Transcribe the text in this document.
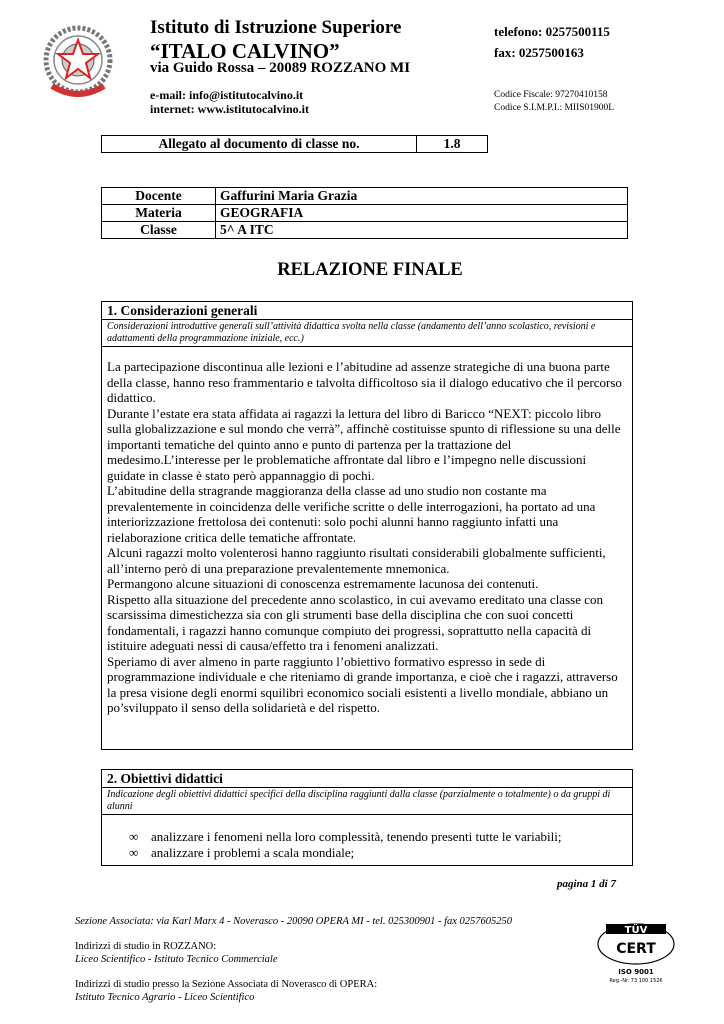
Istituto di Istruzione Superiore
“ITALO CALVINO”
via Guido Rossa – 20089 ROZZANO MI
telefono: 0257500115
fax: 0257500163
e-mail: info@istitutocalvino.it
internet: www.istitutocalvino.it
Codice Fiscale: 97270410158
Codice S.I.M.P.I.: MIIS01900L
Allegato al documento di classe no.	1.8
Docente	Gaffurini Maria Grazia
Materia	GEOGRAFIA
Classe	5^ A ITC
RELAZIONE FINALE
1. Considerazioni generali
Considerazioni introduttive generali sull’attività didattica svolta nella classe (andamento dell’anno scolastico, revisioni e adattamenti della programmazione iniziale, ecc.)

La partecipazione discontinua alle lezioni e l’abitudine ad assenze strategiche di una buona parte della classe, hanno reso frammentario e talvolta difficoltoso sia il dialogo educativo che il percorso didattico.

Durante l’estate era stata affidata ai ragazzi la lettura del libro di Baricco “NEXT: piccolo libro sulla globalizzazione e sul mondo che verrà”, affinchè costituisse spunto di riflessione su una delle importanti tematiche del quinto anno e punto di partenza per la trattazione del medesimo.L’interesse per le problematiche affrontate dal libro e l’impegno nelle discussioni guidate in classe è stato però appannaggio di pochi.

L’abitudine della stragrande maggioranza della classe ad uno studio non costante ma prevalentemente in coincidenza delle verifiche scritte o delle interrogazioni, ha portato ad una interiorizzazione frettolosa dei contenuti: solo pochi alunni hanno raggiunto infatti una rielaborazione critica delle tematiche affrontate.

Alcuni ragazzi molto volenterosi hanno raggiunto risultati considerabili globalmente sufficienti, all’interno però di una preparazione prevalentemente mnemonica.

Permangono alcune situazioni di conoscenza estremamente lacunosa dei contenuti.

Rispetto alla situazione del precedente anno scolastico, in cui avevamo ereditato una classe con scarsissima dimestichezza sia con gli strumenti base della disciplina che con suoi concetti fondamentali, i ragazzi hanno comunque compiuto dei progressi, soprattutto nella capacità di istituire adeguati nessi di causa/effetto tra i fenomeni analizzati.

Speriamo di aver almeno in parte raggiunto l’obiettivo formativo espresso in sede di programmazione individuale e che riteniamo di grande importanza, e cioè che i ragazzi, attraverso la presa visione degli enormi squilibri economico sociali esistenti a livello mondiale, abbiano un po’sviluppato il senso della solidarietà e del rispetto.

2. Obiettivi didattici
Indicazione degli obiettivi didattici specifici della disciplina raggiunti dalla classe (parzialmente o totalmente) o da gruppi di alunni
∞ analizzare i fenomeni nella loro complessità, tenendo presenti tutte le variabili;
∞ analizzare i problemi a scala mondiale;
pagina 1 di 7
Sezione Associata: via Karl Marx 4 - Noverasco - 20090 OPERA MI - tel. 025300901 - fax 0257605250
Indirizzi di studio in ROZZANO:
Liceo Scientifico - Istituto Tecnico Commerciale
Indirizzi di studio presso la Sezione Associata di Noverasco di OPERA:
Istituto Tecnico Agrario - Liceo Scientifico
TÜV
CERT
ISO 9001
Reg.-Nr. 73 100 1526
